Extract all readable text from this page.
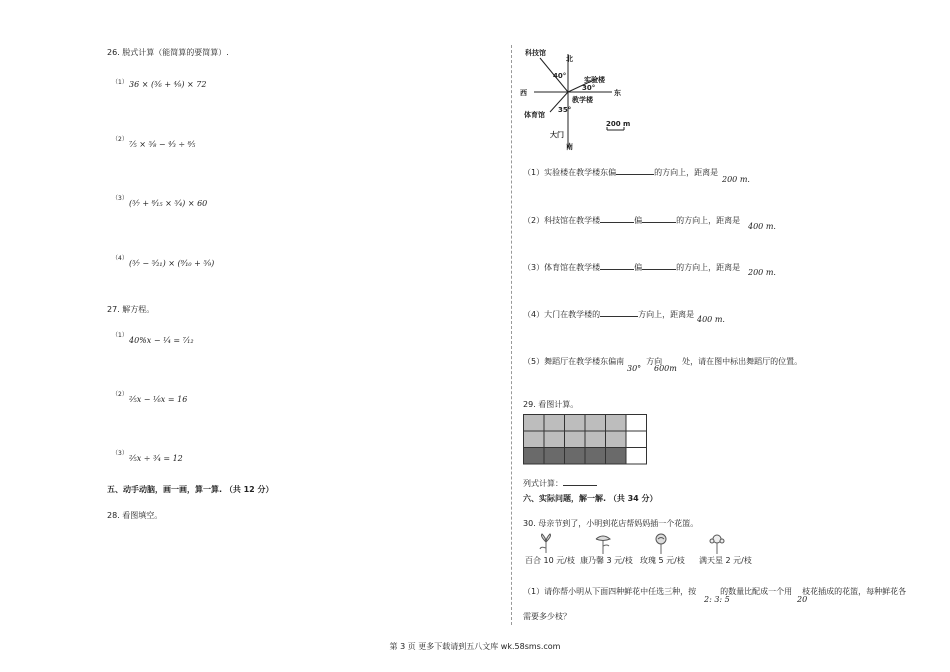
26. 脱式计算（能简算的要简算）.
（1） 36 × (⁵⁄₆ + ⁴⁄₉) × 72
（2）
⁷⁄₅ × ⁵⁄₈ − ⁴⁄₃ ÷ ⁸⁄₅
（3）
(⁵⁄₇ + ⁸⁄₁₅ × ⁵⁄₄) × 60
（4）
(⁵⁄₇ − ⁵⁄₂₁) × (⁹⁄₁₀ + ⁵⁄₉)
27. 解方程。
（1）
40%𝑥 − ¹⁄₄ = ⁷⁄₁₂
（2）
²⁄₅𝑥 − ¹⁄₆𝑥 = 16
（3）
²⁄₅𝑥 ÷ ³⁄₄ = 12
五、动手动脑，画一画，算一算. （共 12 分）
28. 看图填空。
科技馆
北
40°	实验楼
30°
西	东
教学楼
35°
体育馆
200 m
大门
南
（1）实验楼在教学楼东偏	的方向上，距离是
200 𝑚.
（2）科技馆在教学楼	偏	的方向上，距离是
400 𝑚.
（3）体育馆在教学楼	偏	的方向上，距离是
200 𝑚.
（4）大门在教学楼的	方向上，距离是
400 𝑚.
（5）舞蹈厅在教学楼东偏南	方向	处，请在图中标出舞蹈厅的位置。
30° 600𝑚
29. 看图计算。
列式计算：
六、实际问题，解一解. （共 34 分）
30. 母亲节到了，小明到花店帮妈妈插一个花篮。
百合 10 元/枝 康乃馨 3 元/枝 玫瑰 5 元/枝 满天星 2 元/枝
（1）请你帮小明从下面四种鲜花中任选三种，按	的数量比配成一个用 枝花插成的花篮，每种鲜花各
2: 3: 5	20
需要多少枝？
第 3 页 更多下载请到五八文库 wk.58sms.com
